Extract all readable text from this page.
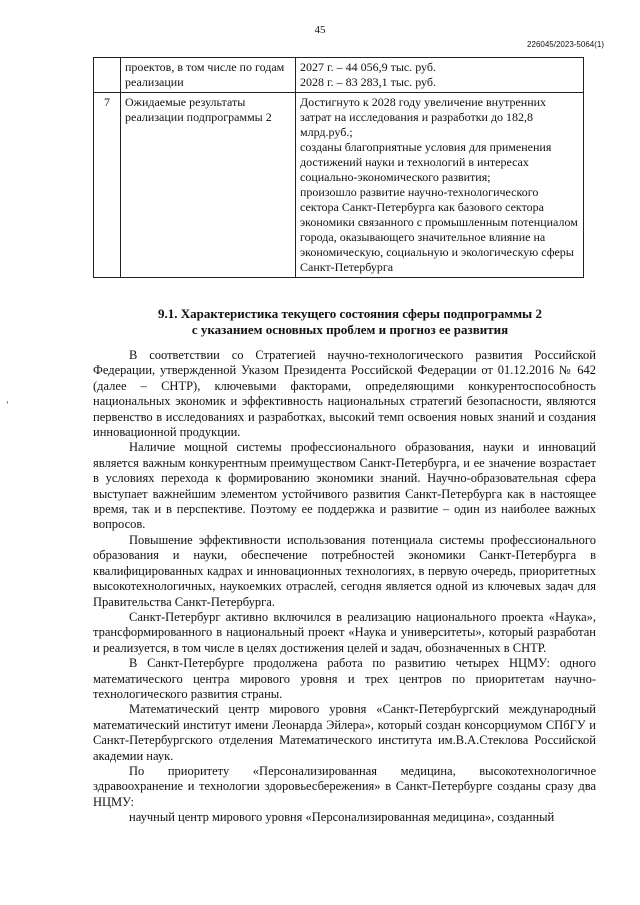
45
226045/2023-5064(1)
	проектов, в том числе по годам реализации	2027 г. – 44 056,9 тыс. руб.
2028 г. – 83 283,1 тыс. руб.

7	Ожидаемые результаты реализации подпрограммы 2	Достигнуто к 2028 году увеличение внутренних затрат на исследования и разработки до 182,8 млрд.руб.;
созданы благоприятные условия для применения достижений науки и технологий в интересах социально-экономического развития;
произошло развитие научно-технологического сектора Санкт-Петербурга как базового сектора экономики связанного с промышленным потенциалом города, оказывающего значительное влияние на экономическую, социальную и экологическую сферы Санкт-Петербурга
9.1. Характеристика текущего состояния сферы подпрограммы 2
с указанием основных проблем и прогноз ее развития

В соответствии со Стратегией научно-технологического развития Российской Федерации, утвержденной Указом Президента Российской Федерации от 01.12.2016 № 642 (далее – СНТР), ключевыми факторами, определяющими конкурентоспособность национальных экономик и эффективность национальных стратегий безопасности, являются первенство в исследованиях и разработках, высокий темп освоения новых знаний и создания инновационной продукции.

Наличие мощной системы профессионального образования, науки и инноваций является важным конкурентным преимуществом Санкт-Петербурга, и ее значение возрастает в условиях перехода к формированию экономики знаний. Научно-образовательная сфера выступает важнейшим элементом устойчивого развития Санкт-Петербурга как в настоящее время, так и в перспективе. Поэтому ее поддержка и развитие – один из наиболее важных вопросов.

Повышение эффективности использования потенциала системы профессионального образования и науки, обеспечение потребностей экономики Санкт-Петербурга в квалифицированных кадрах и инновационных технологиях, в первую очередь, приоритетных высокотехнологичных, наукоемких отраслей, сегодня является одной из ключевых задач для Правительства Санкт-Петербурга.

Санкт-Петербург активно включился в реализацию национального проекта «Наука», трансформированного в национальный проект «Наука и университеты», который разработан и реализуется, в том числе в целях достижения целей и задач, обозначенных в СНТР.

В Санкт-Петербурге продолжена работа по развитию четырех НЦМУ: одного математического центра мирового уровня и трех центров по приоритетам научно-технологического развития страны.

Математический центр мирового уровня «Санкт-Петербургский международный математический институт имени Леонарда Эйлера», который создан консорциумом СПбГУ и Санкт-Петербургского отделения Математического института им.В.А.Стеклова Российской академии наук.

По приоритету «Персонализированная медицина, высокотехнологичное здравоохранение и технологии здоровьесбережения» в Санкт-Петербурге созданы сразу два НЦМУ:

научный центр мирового уровня «Персонализированная медицина», созданный

'
